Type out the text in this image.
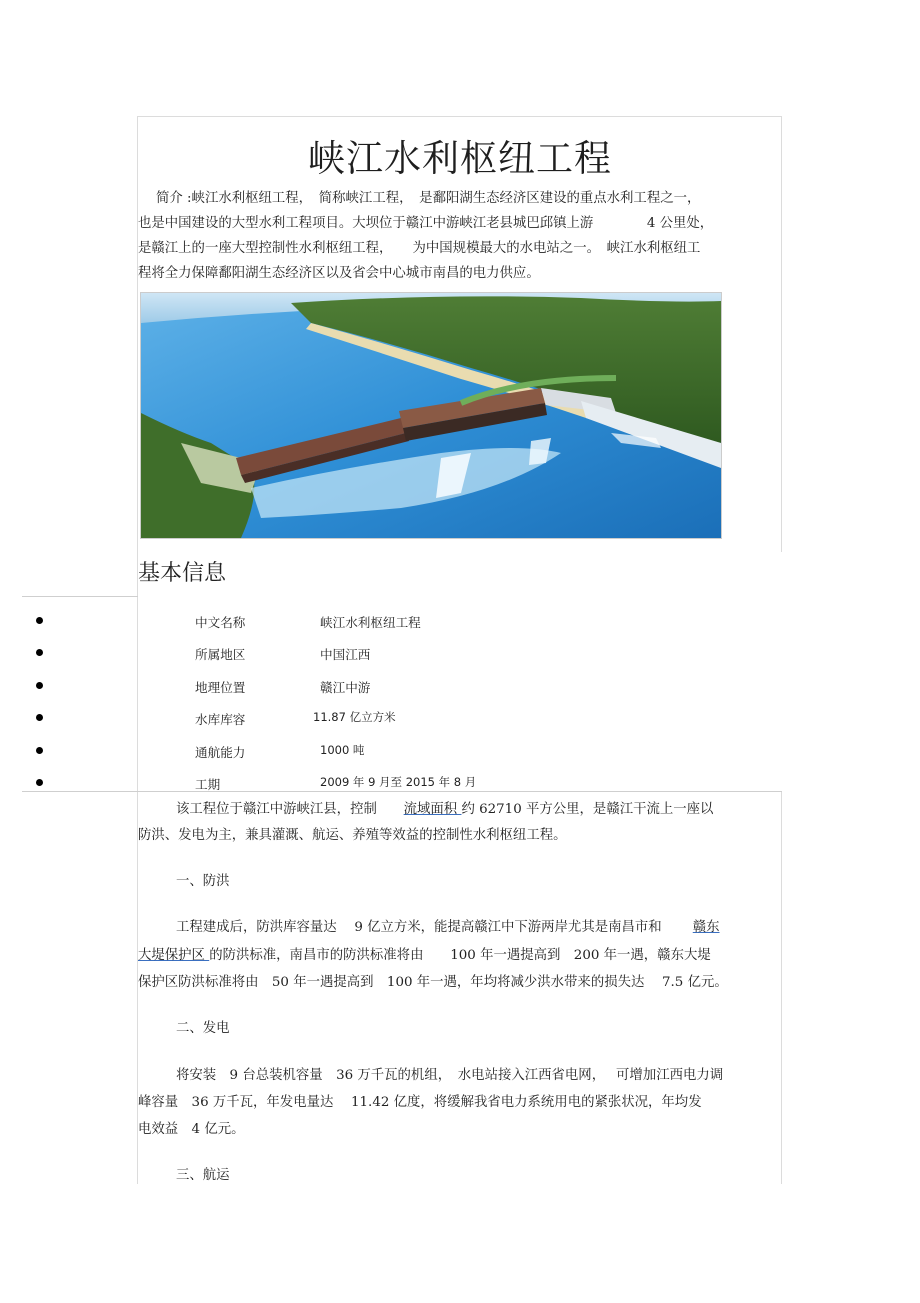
峡江水利枢纽工程

简介 :峡江水利枢纽工程，　简称峡江工程，　是鄱阳湖生态经济区建设的重点水利工程之一，

也是中国建设的大型水利工程项目。大坝位于赣江中游峡江老县城巴邱镇上游　　　　4 公里处，

是赣江上的一座大型控制性水利枢纽工程，　　为中国规模最大的水电站之一。　峡江水利枢纽工

程将全力保障鄱阳湖生态经济区以及省会中心城市南昌的电力供应。

基本信息
中文名称	峡江水利枢纽工程
所属地区	中国江西
地理位置	赣江中游
水库库容	11.87 亿立方米
通航能力	1000 吨
工期	2009 年 9 月至 2015 年 8 月

该工程位于赣江中游峡江县，控制　　流域面积 约 62710 平方公里，是赣江干流上一座以

防洪、发电为主，兼具灌溉、航运、养殖等效益的控制性水利枢纽工程。

一、防洪

工程建成后，防洪库容量达　 9 亿立方米，能提高赣江中下游两岸尤其是南昌市和　　 赣东

大堤保护区 的防洪标准，南昌市的防洪标准将由　　100 年一遇提高到　200 年一遇，赣东大堤

保护区防洪标准将由　50 年一遇提高到　100 年一遇，年均将减少洪水带来的损失达　 7.5 亿元。

二、发电

将安装　9 台总装机容量　36 万千瓦的机组，　水电站接入江西省电网，　 可增加江西电力调

峰容量　36 万千瓦，年发电量达　 11.42 亿度，将缓解我省电力系统用电的紧张状况，年均发

电效益　4 亿元。

三、航运
